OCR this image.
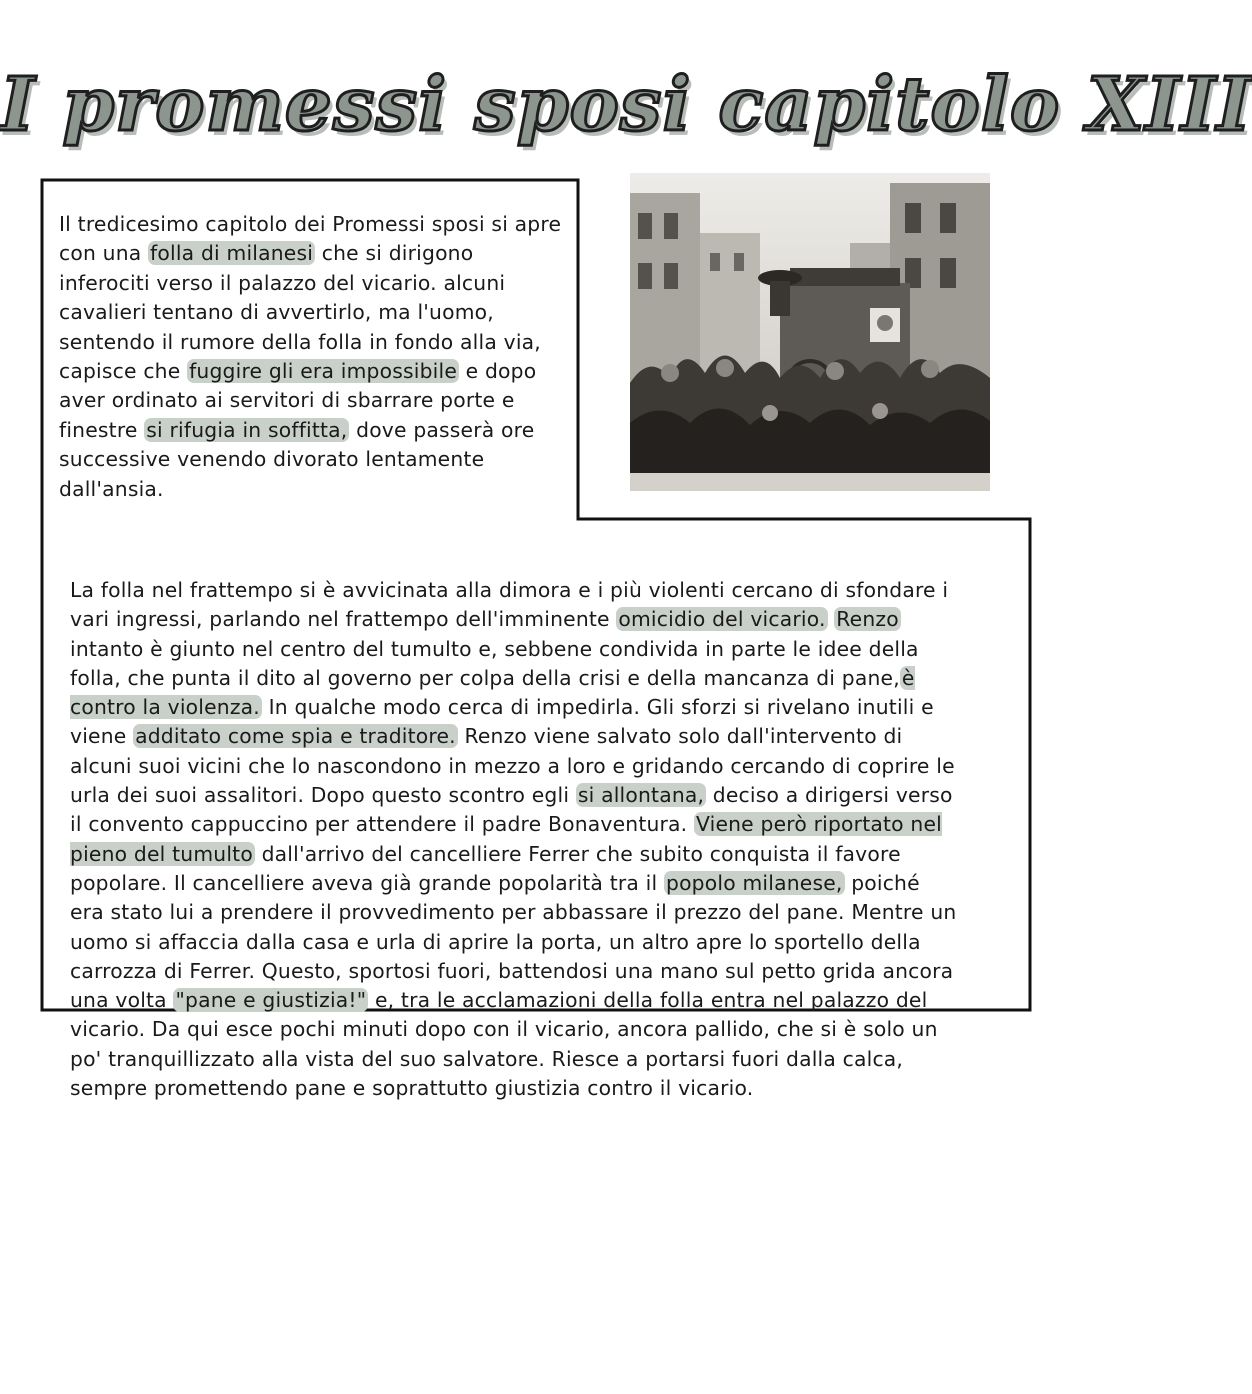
I promessi sposi capitolo XIII
Il tredicesimo capitolo dei Promessi sposi si apre con una folla di milanesi che si dirigono inferociti verso il palazzo del vicario. alcuni cavalieri tentano di avvertirlo, ma l'uomo, sentendo il rumore della folla in fondo alla via, capisce che fuggire gli era impossibile e dopo aver ordinato ai servitori di sbarrare porte e finestre si rifugia in soffitta, dove passerà ore successive venendo divorato lentamente dall'ansia.
La folla nel frattempo si è avvicinata alla dimora e i più violenti cercano di sfondare i vari ingressi, parlando nel frattempo dell'imminente omicidio del vicario. Renzo intanto è giunto nel centro del tumulto e, sebbene condivida in parte le idee della folla, che punta il dito al governo per colpa della crisi e della mancanza di pane,è contro la violenza. In qualche modo cerca di impedirla. Gli sforzi si rivelano inutili e viene additato come spia e traditore. Renzo viene salvato solo dall'intervento di alcuni suoi vicini che lo nascondono in mezzo a loro e gridando cercando di coprire le urla dei suoi assalitori. Dopo questo scontro egli si allontana, deciso a dirigersi verso il convento cappuccino per attendere il padre Bonaventura. Viene però riportato nel pieno del tumulto dall'arrivo del cancelliere Ferrer che subito conquista il favore popolare. Il cancelliere aveva già grande popolarità tra il popolo milanese, poiché era stato lui a prendere il provvedimento per abbassare il prezzo del pane. Mentre un uomo si affaccia dalla casa e urla di aprire la porta, un altro apre lo sportello della carrozza di Ferrer. Questo, sportosi fuori, battendosi una mano sul petto grida ancora una volta "pane e giustizia!" e, tra le acclamazioni della folla entra nel palazzo del vicario. Da qui esce pochi minuti dopo con il vicario, ancora pallido, che si è solo un po' tranquillizzato alla vista del suo salvatore. Riesce a portarsi fuori dalla calca, sempre promettendo pane e soprattutto giustizia contro il vicario.
